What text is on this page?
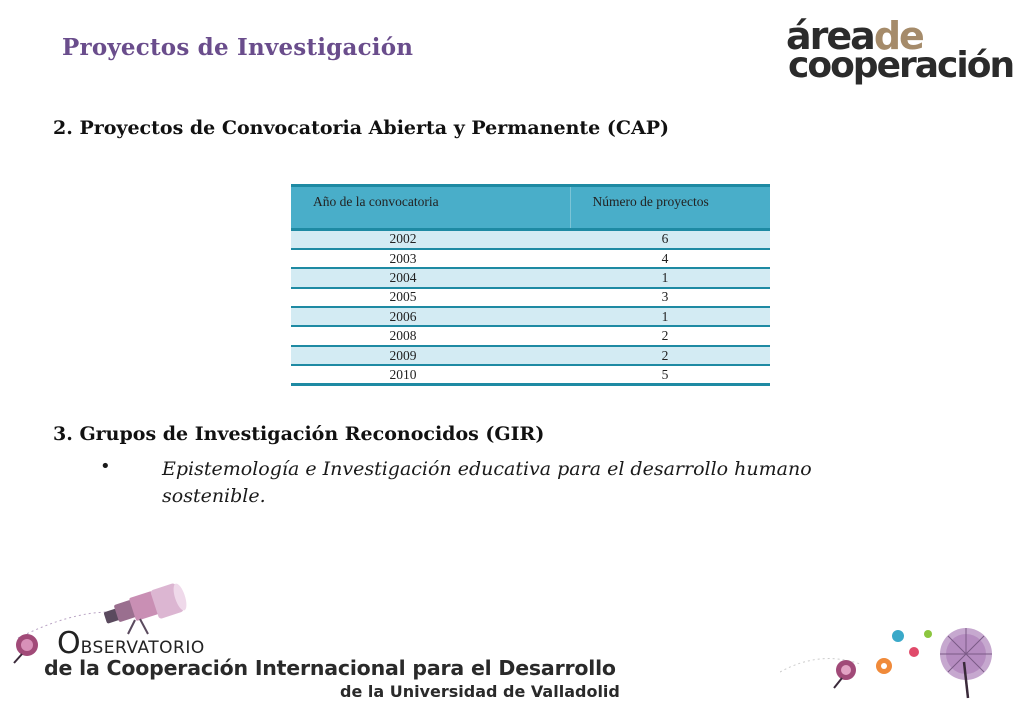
Proyectos de Investigación	áreade
cooperación
2. Proyectos de Convocatoria Abierta y Permanente (CAP)
Año de la convocatoria	Número de proyectos
2002	6
2003	4
2004	1
2005	3
2006	1
2008	2
2009	2
2010	5
3. Grupos de Investigación Reconocidos (GIR)
•	Epistemología e Investigación educativa para el desarrollo humano sostenible.
OBSERVATORIO
de la Cooperación Internacional para el Desarrollo
de la Universidad de Valladolid
